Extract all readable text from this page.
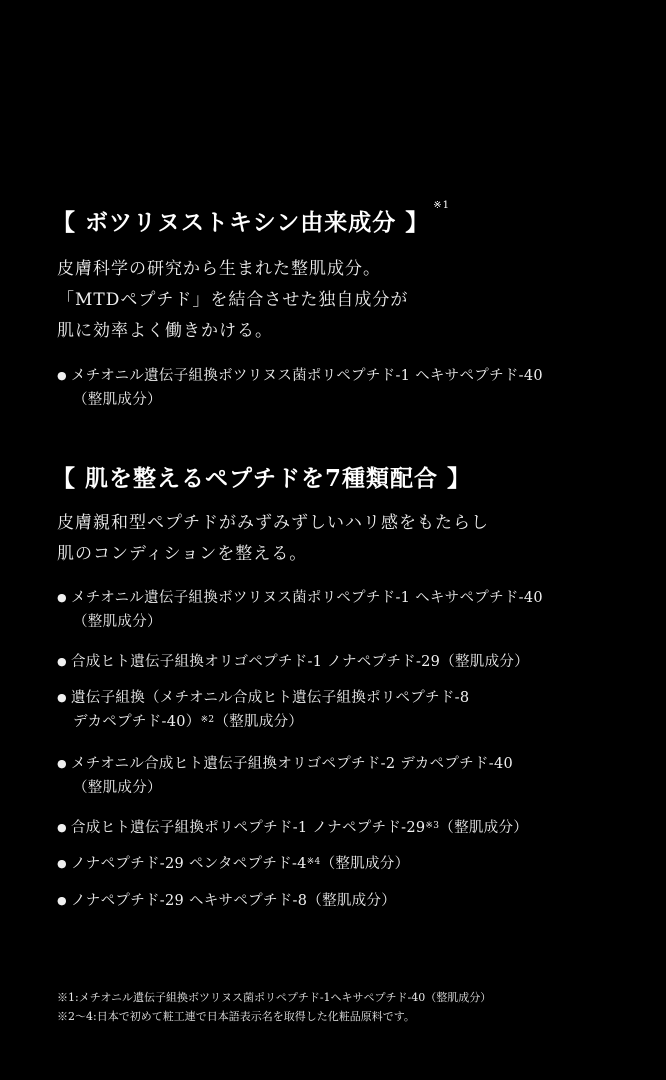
【 ボツリヌストキシン由来成分 】$^{※1}$
皮膚科学の研究から生まれた整肌成分。
「MTDペプチド」を結合させた独自成分が
肌に効率よく働きかける。
● メチオニル遺伝子組換ボツリヌス菌ポリペプチド-1 ヘキサペプチド-40
（整肌成分）
【 肌を整えるペプチドを7種類配合 】
皮膚親和型ペプチドがみずみずしいハリ感をもたらし
肌のコンディションを整える。
● メチオニル遺伝子組換ボツリヌス菌ポリペプチド-1 ヘキサペプチド-40
（整肌成分）
● 合成ヒト遺伝子組換オリゴペプチド-1 ノナペプチド-29（整肌成分）
● 遺伝子組換（メチオニル合成ヒト遺伝子組換ポリペプチド-8
デカペプチド-40）$^{※2}$（整肌成分）
● メチオニル合成ヒト遺伝子組換オリゴペプチド-2 デカペプチド-40
（整肌成分）
● 合成ヒト遺伝子組換ポリペプチド-1 ノナペプチド-29$^{※3}$（整肌成分）
● ノナペプチド-29 ペンタペプチド-4$^{※4}$（整肌成分）
● ノナペプチド-29 ヘキサペプチド-8（整肌成分）
※1:メチオニル遺伝子組換ボツリヌス菌ポリペプチド-1ヘキサペプチド-40（整肌成分）
※2～4:日本で初めて粧工連で日本語表示名を取得した化粧品原料です。
